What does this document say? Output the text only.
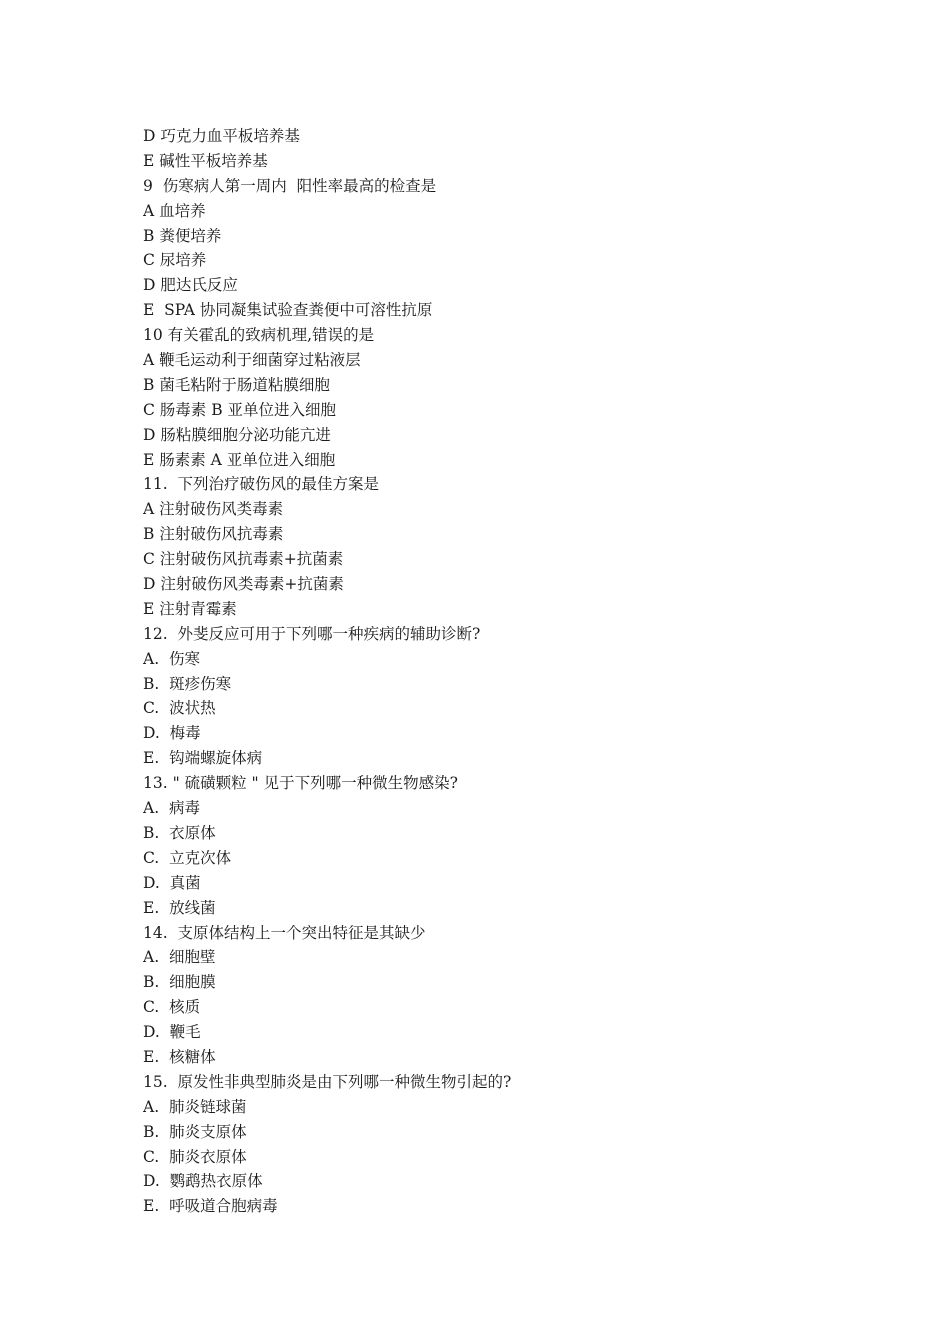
D 巧克力血平板培养基
E 碱性平板培养基
9  伤寒病人第一周内  阳性率最高的检查是
A 血培养
B 粪便培养
C 尿培养
D 肥达氏反应
E  SPA 协同凝集试验查粪便中可溶性抗原
10 有关霍乱的致病机理,错误的是
A 鞭毛运动利于细菌穿过粘液层
B 菌毛粘附于肠道粘膜细胞
C 肠毒素 B 亚单位进入细胞
D 肠粘膜细胞分泌功能亢进
E 肠素素 A 亚单位进入细胞
11.  下列治疗破伤风的最佳方案是
A 注射破伤风类毒素
B 注射破伤风抗毒素
C 注射破伤风抗毒素+抗菌素
D 注射破伤风类毒素+抗菌素
E 注射青霉素
12.  外斐反应可用于下列哪一种疾病的辅助诊断?
A.  伤寒
B.  斑疹伤寒
C.  波状热
D.  梅毒
E.  钩端螺旋体病
13. " 硫磺颗粒 " 见于下列哪一种微生物感染?
A.  病毒
B.  衣原体
C.  立克次体
D.  真菌
E.  放线菌
14.  支原体结构上一个突出特征是其缺少
A.  细胞壁
B.  细胞膜
C.  核质
D.  鞭毛
E.  核糖体
15.  原发性非典型肺炎是由下列哪一种微生物引起的?
A.  肺炎链球菌
B.  肺炎支原体
C.  肺炎衣原体
D.  鹦鹉热衣原体
E.  呼吸道合胞病毒
